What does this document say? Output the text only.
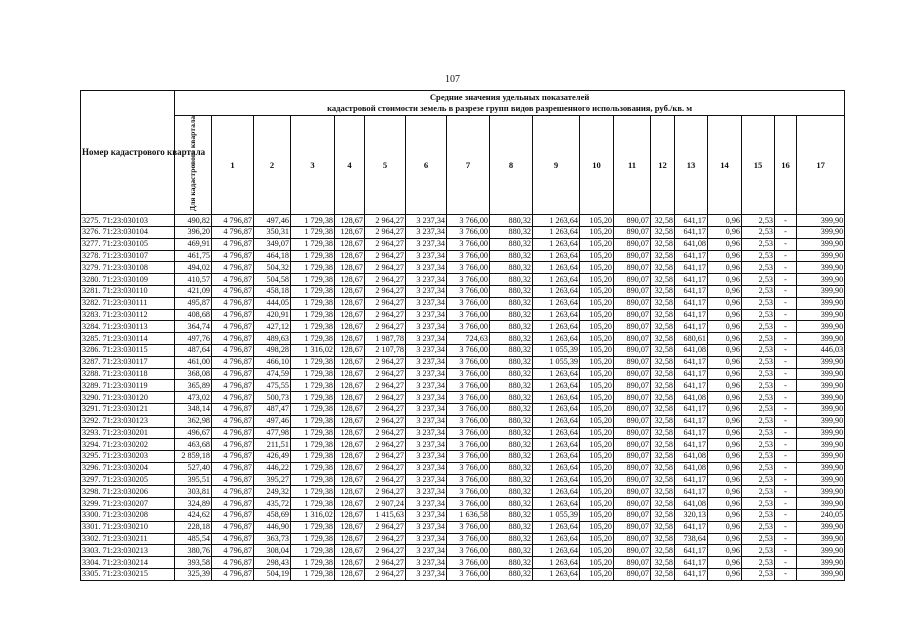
107
Номер кадастрового квартала	Средние значения удельных показателей
кадастровой стоимости земель в разрезе групп видов разрешенного использования, руб./кв. м																	

	Для кадастрового квартала	1	2	3	4	5	6	7	8	9	10	11	12	13	14	15	16	17
3275. 71:23:030103	490,82	4 796,87	497,46	1 729,38	128,67	2 964,27	3 237,34	3 766,00	880,32	1 263,64	105,20	890,07	32,58	641,17	0,96	2,53	-	399,90
3276. 71:23:030104	396,20	4 796,87	350,31	1 729,38	128,67	2 964,27	3 237,34	3 766,00	880,32	1 263,64	105,20	890,07	32,58	641,17	0,96	2,53	-	399,90
3277. 71:23:030105	469,91	4 796,87	349,07	1 729,38	128,67	2 964,27	3 237,34	3 766,00	880,32	1 263,64	105,20	890,07	32,58	641,08	0,96	2,53	-	399,90
3278. 71:23:030107	461,75	4 796,87	464,18	1 729,38	128,67	2 964,27	3 237,34	3 766,00	880,32	1 263,64	105,20	890,07	32,58	641,17	0,96	2,53	-	399,90
3279. 71:23:030108	494,02	4 796,87	504,32	1 729,38	128,67	2 964,27	3 237,34	3 766,00	880,32	1 263,64	105,20	890,07	32,58	641,17	0,96	2,53	-	399,90
3280. 71:23:030109	410,57	4 796,87	504,58	1 729,38	128,67	2 964,27	3 237,34	3 766,00	880,32	1 263,64	105,20	890,07	32,58	641,17	0,96	2,53	-	399,90
3281. 71:23:030110	421,09	4 796,87	458,18	1 729,38	128,67	2 964,27	3 237,34	3 766,00	880,32	1 263,64	105,20	890,07	32,58	641,17	0,96	2,53	-	399,90
3282. 71:23:030111	495,87	4 796,87	444,05	1 729,38	128,67	2 964,27	3 237,34	3 766,00	880,32	1 263,64	105,20	890,07	32,58	641,17	0,96	2,53	-	399,90
3283. 71:23:030112	408,68	4 796,87	420,91	1 729,38	128,67	2 964,27	3 237,34	3 766,00	880,32	1 263,64	105,20	890,07	32,58	641,17	0,96	2,53	-	399,90
3284. 71:23:030113	364,74	4 796,87	427,12	1 729,38	128,67	2 964,27	3 237,34	3 766,00	880,32	1 263,64	105,20	890,07	32,58	641,17	0,96	2,53	-	399,90
3285. 71:23:030114	497,76	4 796,87	489,63	1 729,38	128,67	1 987,78	3 237,34	724,63	880,32	1 263,64	105,20	890,07	32,58	680,61	0,96	2,53	-	399,90
3286. 71:23:030115	487,64	4 796,87	498,28	1 316,02	128,67	2 107,78	3 237,34	3 766,00	880,32	1 055,39	105,20	890,07	32,58	641,08	0,96	2,53	-	446,03
3287. 71:23:030117	461,00	4 796,87	466,10	1 729,38	128,67	2 964,27	3 237,34	3 766,00	880,32	1 055,39	105,20	890,07	32,58	641,17	0,96	2,53	-	399,90
3288. 71:23:030118	368,08	4 796,87	474,59	1 729,38	128,67	2 964,27	3 237,34	3 766,00	880,32	1 263,64	105,20	890,07	32,58	641,17	0,96	2,53	-	399,90
3289. 71:23:030119	365,89	4 796,87	475,55	1 729,38	128,67	2 964,27	3 237,34	3 766,00	880,32	1 263,64	105,20	890,07	32,58	641,17	0,96	2,53	-	399,90
3290. 71:23:030120	473,02	4 796,87	500,73	1 729,38	128,67	2 964,27	3 237,34	3 766,00	880,32	1 263,64	105,20	890,07	32,58	641,08	0,96	2,53	-	399,90
3291. 71:23:030121	348,14	4 796,87	487,47	1 729,38	128,67	2 964,27	3 237,34	3 766,00	880,32	1 263,64	105,20	890,07	32,58	641,17	0,96	2,53	-	399,90
3292. 71:23:030123	362,98	4 796,87	497,46	1 729,38	128,67	2 964,27	3 237,34	3 766,00	880,32	1 263,64	105,20	890,07	32,58	641,17	0,96	2,53	-	399,90
3293. 71:23:030201	496,67	4 796,87	477,98	1 729,38	128,67	2 964,27	3 237,34	3 766,00	880,32	1 263,64	105,20	890,07	32,58	641,17	0,96	2,53	-	399,90
3294. 71:23:030202	463,68	4 796,87	211,51	1 729,38	128,67	2 964,27	3 237,34	3 766,00	880,32	1 263,64	105,20	890,07	32,58	641,17	0,96	2,53	-	399,90
3295. 71:23:030203	2 859,18	4 796,87	426,49	1 729,38	128,67	2 964,27	3 237,34	3 766,00	880,32	1 263,64	105,20	890,07	32,58	641,08	0,96	2,53	-	399,90
3296. 71:23:030204	527,40	4 796,87	446,22	1 729,38	128,67	2 964,27	3 237,34	3 766,00	880,32	1 263,64	105,20	890,07	32,58	641,08	0,96	2,53	-	399,90
3297. 71:23:030205	395,51	4 796,87	395,27	1 729,38	128,67	2 964,27	3 237,34	3 766,00	880,32	1 263,64	105,20	890,07	32,58	641,17	0,96	2,53	-	399,90
3298. 71:23:030206	303,81	4 796,87	249,32	1 729,38	128,67	2 964,27	3 237,34	3 766,00	880,32	1 263,64	105,20	890,07	32,58	641,17	0,96	2,53	-	399,90
3299. 71:23:030207	324,89	4 796,87	435,72	1 729,38	128,67	2 907,24	3 237,34	3 766,00	880,32	1 263,64	105,20	890,07	32,58	641,08	0,96	2,53	-	399,90
3300. 71:23:030208	424,62	4 796,87	458,69	1 316,02	128,67	1 415,63	3 237,34	1 636,58	880,32	1 055,39	105,20	890,07	32,58	320,13	0,96	2,53	-	240,05
3301. 71:23:030210	228,18	4 796,87	446,90	1 729,38	128,67	2 964,27	3 237,34	3 766,00	880,32	1 263,64	105,20	890,07	32,58	641,17	0,96	2,53	-	399,90
3302. 71:23:030211	485,54	4 796,87	363,73	1 729,38	128,67	2 964,27	3 237,34	3 766,00	880,32	1 263,64	105,20	890,07	32,58	738,64	0,96	2,53	-	399,90
3303. 71:23:030213	380,76	4 796,87	308,04	1 729,38	128,67	2 964,27	3 237,34	3 766,00	880,32	1 263,64	105,20	890,07	32,58	641,17	0,96	2,53	-	399,90
3304. 71:23:030214	393,58	4 796,87	298,43	1 729,38	128,67	2 964,27	3 237,34	3 766,00	880,32	1 263,64	105,20	890,07	32,58	641,17	0,96	2,53	-	399,90
3305. 71:23:030215	325,39	4 796,87	504,19	1 729,38	128,67	2 964,27	3 237,34	3 766,00	880,32	1 263,64	105,20	890,07	32,58	641,17	0,96	2,53	-	399,90
